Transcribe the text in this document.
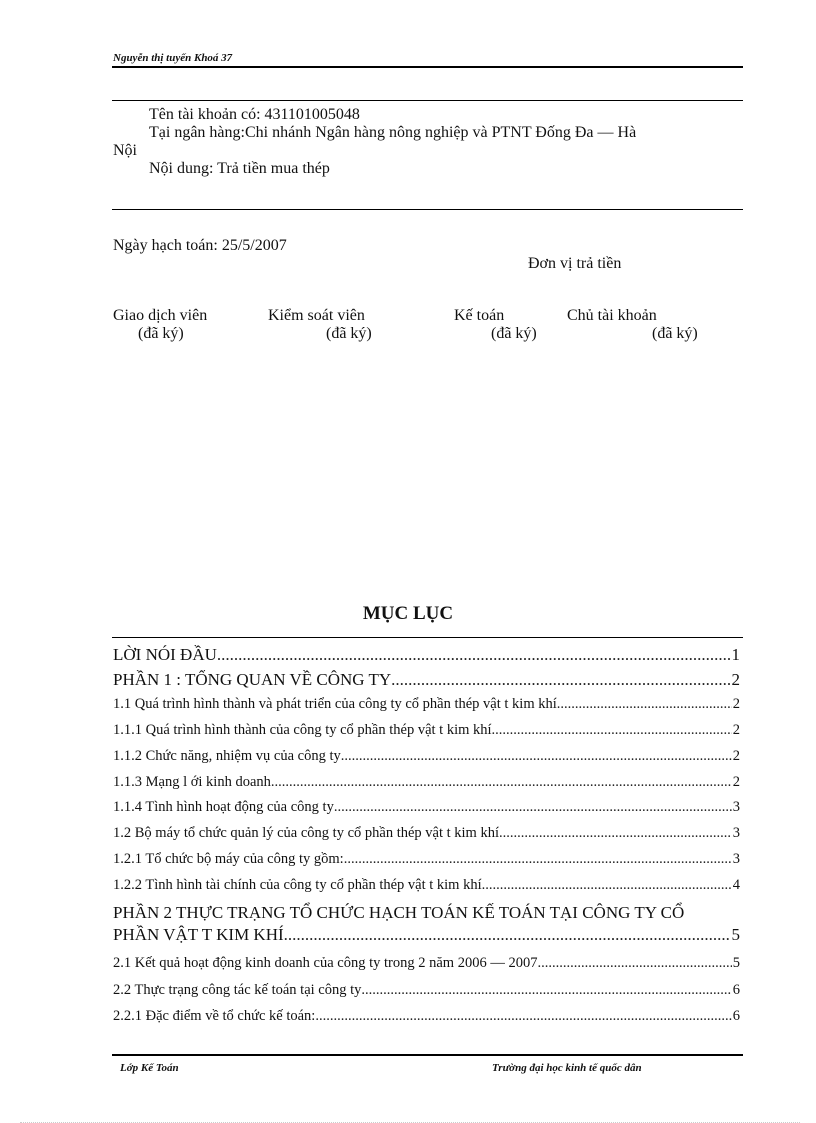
Nguyễn thị tuyến Khoá 37
Tên tài khoản có: 431101005048
Tại ngân hàng:Chi nhánh Ngân hàng nông nghiệp và PTNT Đống Đa — Hà
Nội
Nội dung: Trả tiền mua thép
Ngày hạch toán: 25/5/2007
Đơn vị trả tiền
Giao dịch viên
(đã ký)
Kiểm soát viên
(đã ký)
Kế toán
(đã ký)
Chủ tài khoản
(đã ký)
MỤC LỤC
LỜI NÓI ĐẦU .....	1
PHẦN 1 : TỔNG QUAN VỀ CÔNG TY .....	2
1.1 Quá trình hình thành và phát triển của công ty cổ phần thép vật t kim khí .....	2
1.1.1 Quá trình hình thành của công ty cổ phần thép vật t kim khí .....	2
1.1.2 Chức năng, nhiệm vụ của công ty .....	2
1.1.3 Mạng l ới kinh doanh .....	2
1.1.4 Tình hình hoạt động của công ty .....	3
1.2 Bộ máy tổ chức quản lý của công ty cổ phần thép vật t kim khí .....	3
1.2.1 Tổ chức bộ máy của công ty gồm: .....	3
1.2.2 Tình hình tài chính của công ty cổ phần thép vật t kim khí .....	4
PHẦN 2 THỰC TRẠNG TỔ CHỨC HẠCH TOÁN KẾ TOÁN TẠI CÔNG TY CỔ
PHẦN VẬT T KIM KHÍ .....	5
2.1 Kết quả hoạt động kinh doanh của công ty trong 2 năm 2006 — 2007 .....	5
2.2 Thực trạng công tác kế toán tại công ty .....	6
2.2.1 Đặc điểm về tổ chức kế toán: .....	6
Lớp Kế Toán	Trường đại học kinh tế quốc dân
